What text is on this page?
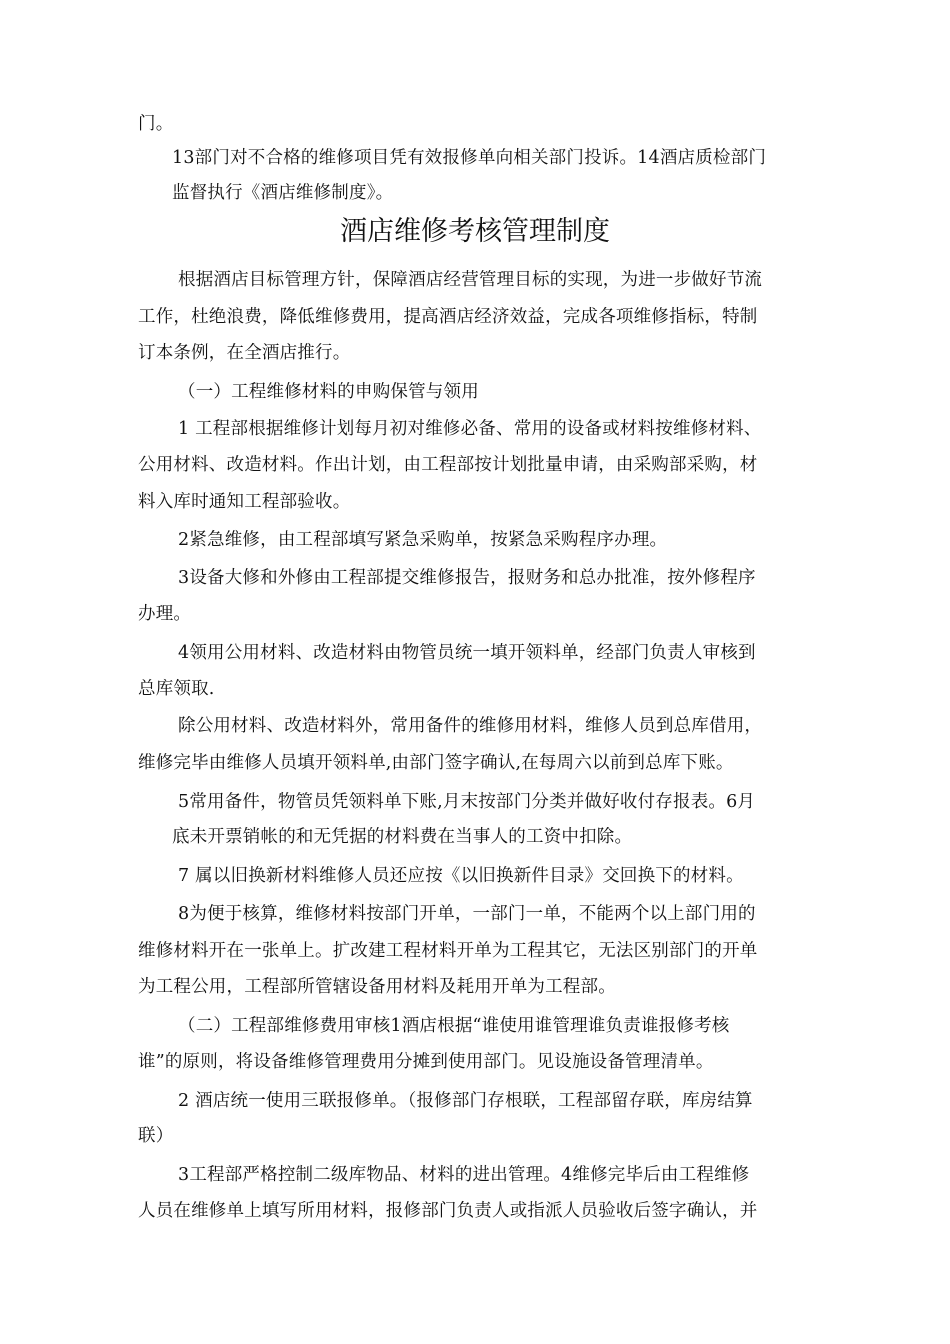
门。

13部门对不合格的维修项目凭有效报修单向相关部门投诉。14酒店质检部门

监督执行《酒店维修制度》。

酒店维修考核管理制度

根据酒店目标管理方针，保障酒店经营管理目标的实现，为进一步做好节流

工作，杜绝浪费，降低维修费用，提高酒店经济效益，完成各项维修指标，特制

订本条例，在全酒店推行。

（一）工程维修材料的申购保管与领用

1 工程部根据维修计划每月初对维修必备、常用的设备或材料按维修材料、

公用材料、改造材料。作出计划，由工程部按计划批量申请，由采购部采购，材

料入库时通知工程部验收。

2紧急维修，由工程部填写紧急采购单，按紧急采购程序办理。

3设备大修和外修由工程部提交维修报告，报财务和总办批准，按外修程序

办理。

4领用公用材料、改造材料由物管员统一填开领料单，经部门负责人审核到

总库领取.

除公用材料、改造材料外，常用备件的维修用材料，维修人员到总库借用，

维修完毕由维修人员填开领料单,由部门签字确认,在每周六以前到总库下账。

5常用备件，物管员凭领料单下账,月末按部门分类并做好收付存报表。6月

底未开票销帐的和无凭据的材料费在当事人的工资中扣除。

7 属以旧换新材料维修人员还应按《以旧换新件目录》交回换下的材料。

8为便于核算，维修材料按部门开单，一部门一单，不能两个以上部门用的

维修材料开在一张单上。扩改建工程材料开单为工程其它，无法区别部门的开单

为工程公用，工程部所管辖设备用材料及耗用开单为工程部。

（二）工程部维修费用审核1酒店根据“谁使用谁管理谁负责谁报修考核

谁”的原则，将设备维修管理费用分摊到使用部门。见设施设备管理清单。

2 酒店统一使用三联报修单。（报修部门存根联，工程部留存联，库房结算

联）

3工程部严格控制二级库物品、材料的进出管理。4维修完毕后由工程维修

人员在维修单上填写所用材料，报修部门负责人或指派人员验收后签字确认，并
